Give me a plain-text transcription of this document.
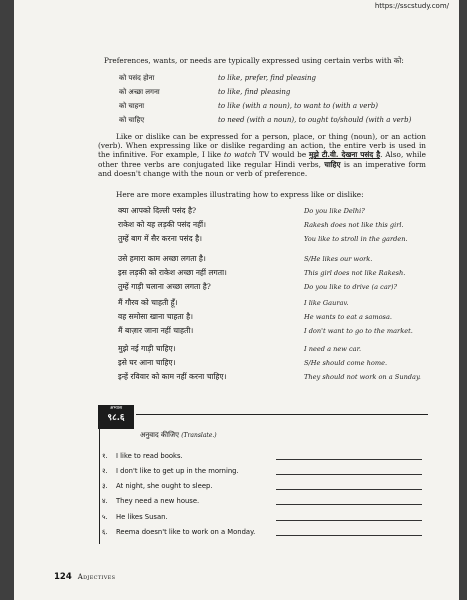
https://sscstudy.com/
Preferences, wants, or needs are typically expressed using certain verbs with को:
को पसंद होना	to like, prefer, find pleasing
को अच्छा लगना	to like, find pleasing
को चाहना	to like (with a noun), to want to (with a verb)
को चाहिए	to need (with a noun), to ought to/should (with a verb)
Like or dislike can be expressed for a person, place, or thing (noun), or an action (verb). When expressing like or dislike regarding an action, the entire verb is used in the infinitive. For example, I like to watch TV would be मुझे टी.वी. देखना पसंद है. Also, while other three verbs are conjugated like regular Hindi verbs, चाहिए is an imperative form and doesn't change with the noun or verb of preference.
Here are more examples illustrating how to express like or dislike:
क्या आपको दिल्ली पसंद है?	Do you like Delhi?
राकेश को यह लड़की पसंद नहीं।	Rakesh does not like this girl.
तुम्हें बाग में सैर करना पसंद है।	You like to stroll in the garden.
उसे हमारा काम अच्छा लगता है।	S/He likes our work.
इस लड़की को राकेश अच्छा नहीं लगता।	This girl does not like Rakesh.
तुम्हें गाड़ी चलाना अच्छा लगता है?	Do you like to drive (a car)?
मैं गौरव को चाहती हूँ।	I like Gaurav.
वह समोसा खाना चाहता है।	He wants to eat a samosa.
मैं बाज़ार जाना नहीं चाहती।	I don't want to go to the market.
मुझे नई गाड़ी चाहिए।	I need a new car.
इसे घर आना चाहिए।	S/He should come home.
इन्हें रविवार को काम नहीं करना चाहिए।	They should not work on a Sunday.
अभ्यास
९८.६
अनुवाद कीजिए (Translate.)
१. I like to read books.
२. I don't like to get up in the morning.
३. At night, she ought to sleep.
४. They need a new house.
५. He likes Susan.
६. Reema doesn't like to work on a Monday.
124 Adjectives
